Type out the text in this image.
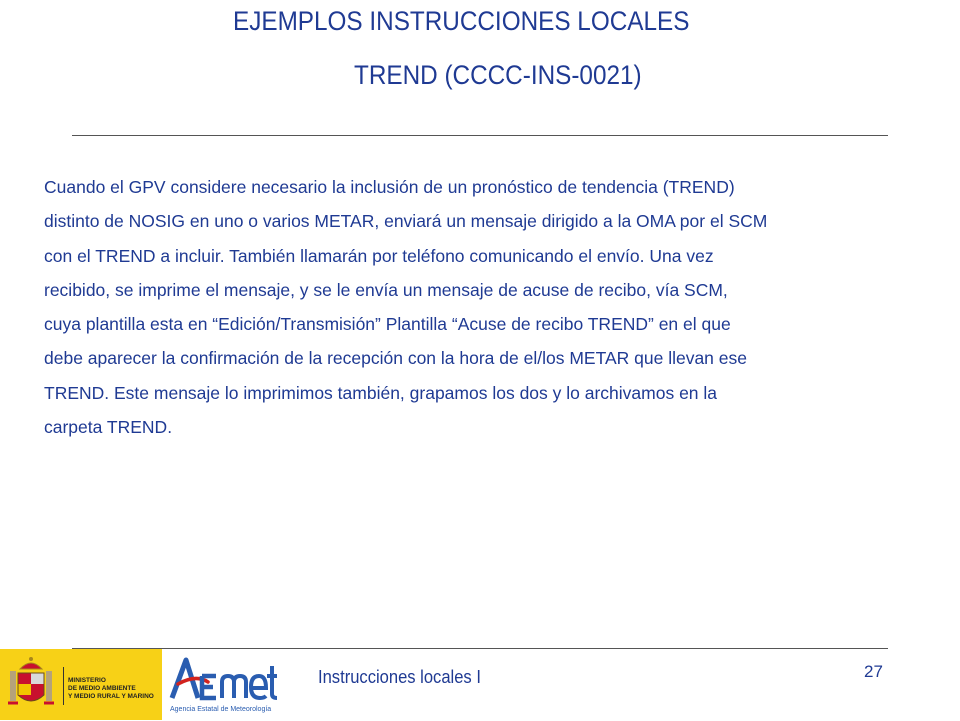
EJEMPLOS INSTRUCCIONES LOCALES
TREND (CCCC-INS-0021)
Cuando el GPV considere necesario la inclusión de un pronóstico de tendencia (TREND)
distinto de NOSIG en uno o varios METAR, enviará un mensaje dirigido a la OMA por el SCM
con el TREND a incluir. También llamarán por teléfono comunicando el envío. Una vez
recibido, se imprime el mensaje, y se le envía un mensaje de acuse de recibo, vía SCM,
cuya plantilla esta en “Edición/Transmisión” Plantilla “Acuse de recibo TREND” en el que
debe aparecer la confirmación de la recepción con la hora de el/los METAR que llevan ese
TREND. Este mensaje lo imprimimos también, grapamos los dos y lo archivamos en la
carpeta TREND.
MINISTERIO
DE MEDIO AMBIENTE
Y MEDIO RURAL Y MARINO
Agencia Estatal de Meteorología
Instrucciones locales I	27
